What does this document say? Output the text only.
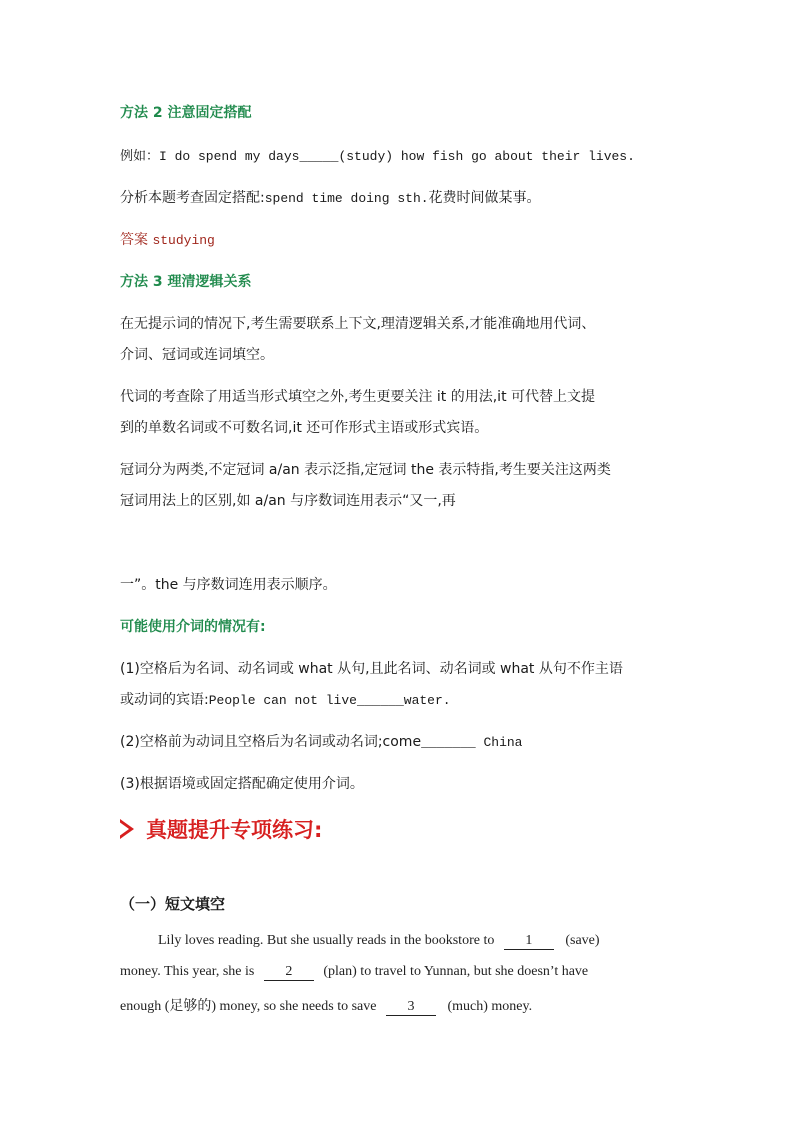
方法 2 注意固定搭配
例如：I do spend my days_____(study) how fish go about their lives.
分析本题考查固定搭配:spend time doing sth.花费时间做某事。
答案 studying
方法 3 理清逻辑关系
在无提示词的情况下,考生需要联系上下文,理清逻辑关系,才能准确地用代词、
介词、冠词或连词填空。
代词的考查除了用适当形式填空之外,考生更要关注 it 的用法,it 可代替上文提
到的单数名词或不可数名词,it 还可作形式主语或形式宾语。
冠词分为两类,不定冠词 a/an 表示泛指,定冠词 the 表示特指,考生要关注这两类
冠词用法上的区别,如 a/an 与序数词连用表示“又一,再
一”。the 与序数词连用表示顺序。
可能使用介词的情况有:
(1)空格后为名词、动名词或 what 从句,且此名词、动名词或 what 从句不作主语
或动词的宾语:People can not live______water.
(2)空格前为动词且空格后为名词或动名词;come_______ China
(3)根据语境或固定搭配确定使用介词。
真题提升专项练习:
（一）短文填空
Lily loves reading. But she usually reads in the bookstore to 1 (save)
money. This year, she is 2 (plan) to travel to Yunnan, but she doesn’t have
enough (足够的) money, so she needs to save 3 (much) money.
